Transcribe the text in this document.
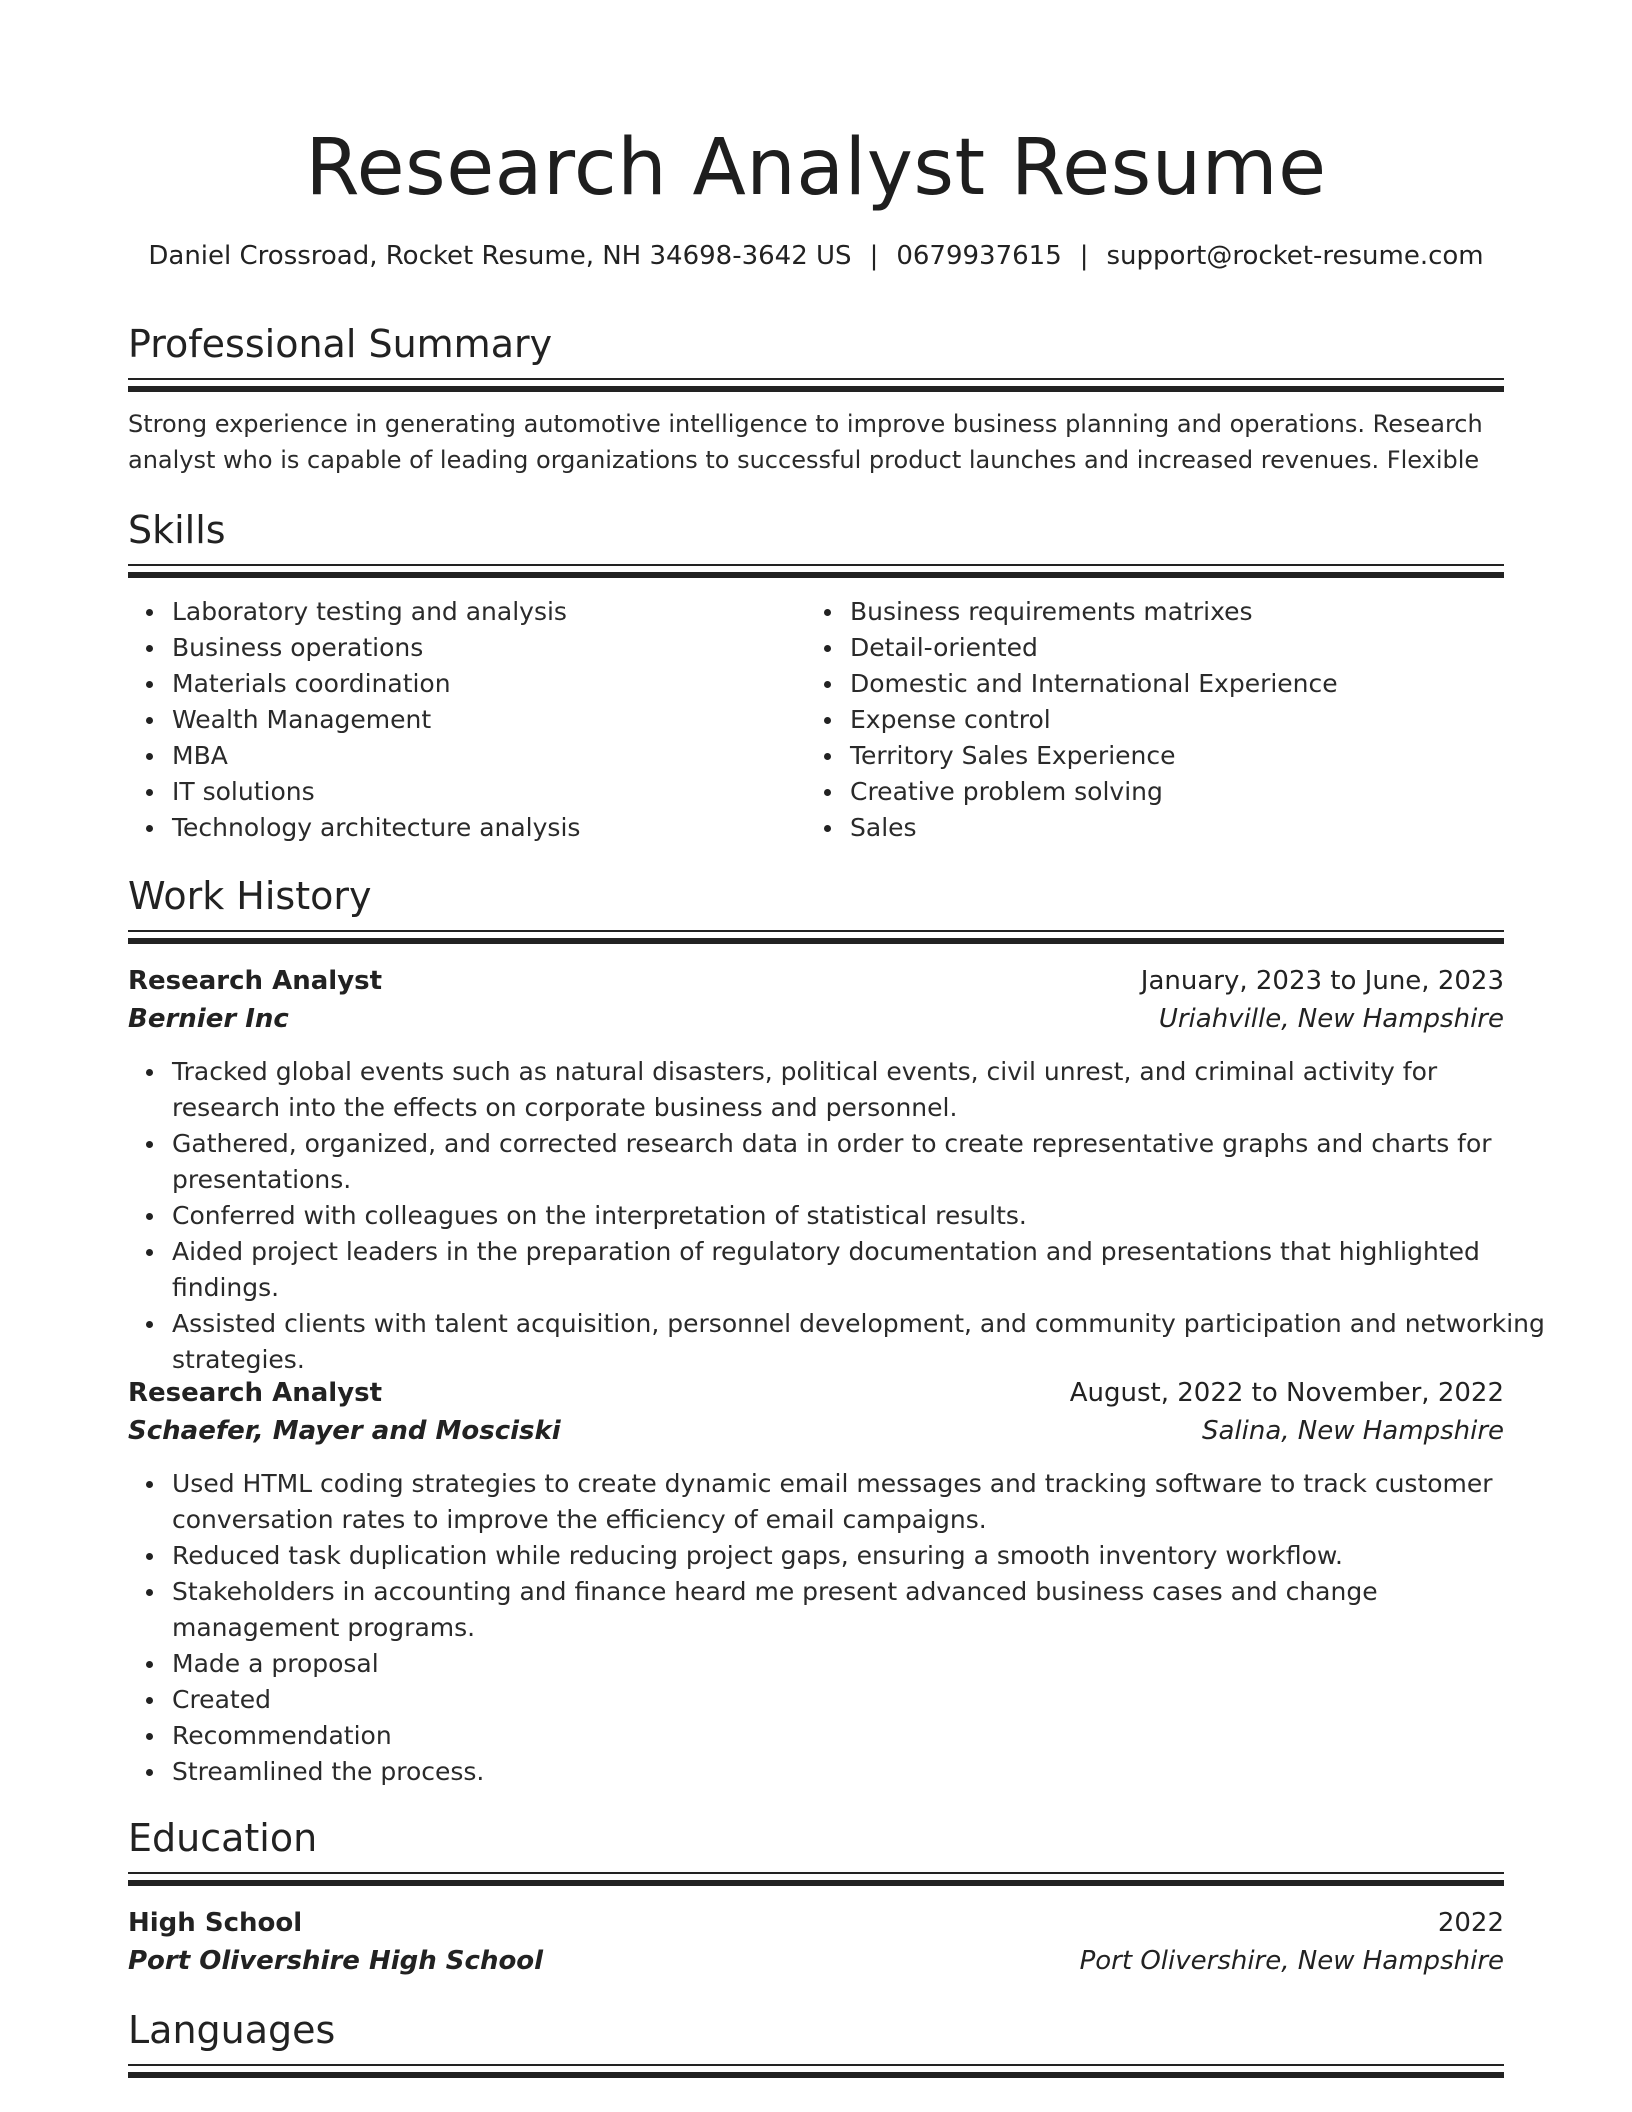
Research Analyst Resume
Daniel Crossroad, Rocket Resume, NH 34698-3642 US | 0679937615 | support@rocket-resume.com
Professional Summary
Strong experience in generating automotive intelligence to improve business planning and operations. Research analyst who is capable of leading organizations to successful product launches and increased revenues. Flexible
Skills
Laboratory testing and analysis
Business operations
Materials coordination
Wealth Management
MBA
IT solutions
Technology architecture analysis
Business requirements matrixes
Detail-oriented
Domestic and International Experience
Expense control
Territory Sales Experience
Creative problem solving
Sales
Work History
Research Analyst	January, 2023 to June, 2023
Bernier Inc	Uriahville, New Hampshire
Tracked global events such as natural disasters, political events, civil unrest, and criminal activity for research into the effects on corporate business and personnel.
Gathered, organized, and corrected research data in order to create representative graphs and charts for presentations.
Conferred with colleagues on the interpretation of statistical results.
Aided project leaders in the preparation of regulatory documentation and presentations that highlighted findings.
Assisted clients with talent acquisition, personnel development, and community participation and networking strategies.
Research Analyst	August, 2022 to November, 2022
Schaefer, Mayer and Mosciski	Salina, New Hampshire
Used HTML coding strategies to create dynamic email messages and tracking software to track customer conversation rates to improve the efficiency of email campaigns.
Reduced task duplication while reducing project gaps, ensuring a smooth inventory workflow.
Stakeholders in accounting and finance heard me present advanced business cases and change management programs.
Made a proposal
Created
Recommendation
Streamlined the process.
Education
High School	2022
Port Olivershire High School	Port Olivershire, New Hampshire
Languages
